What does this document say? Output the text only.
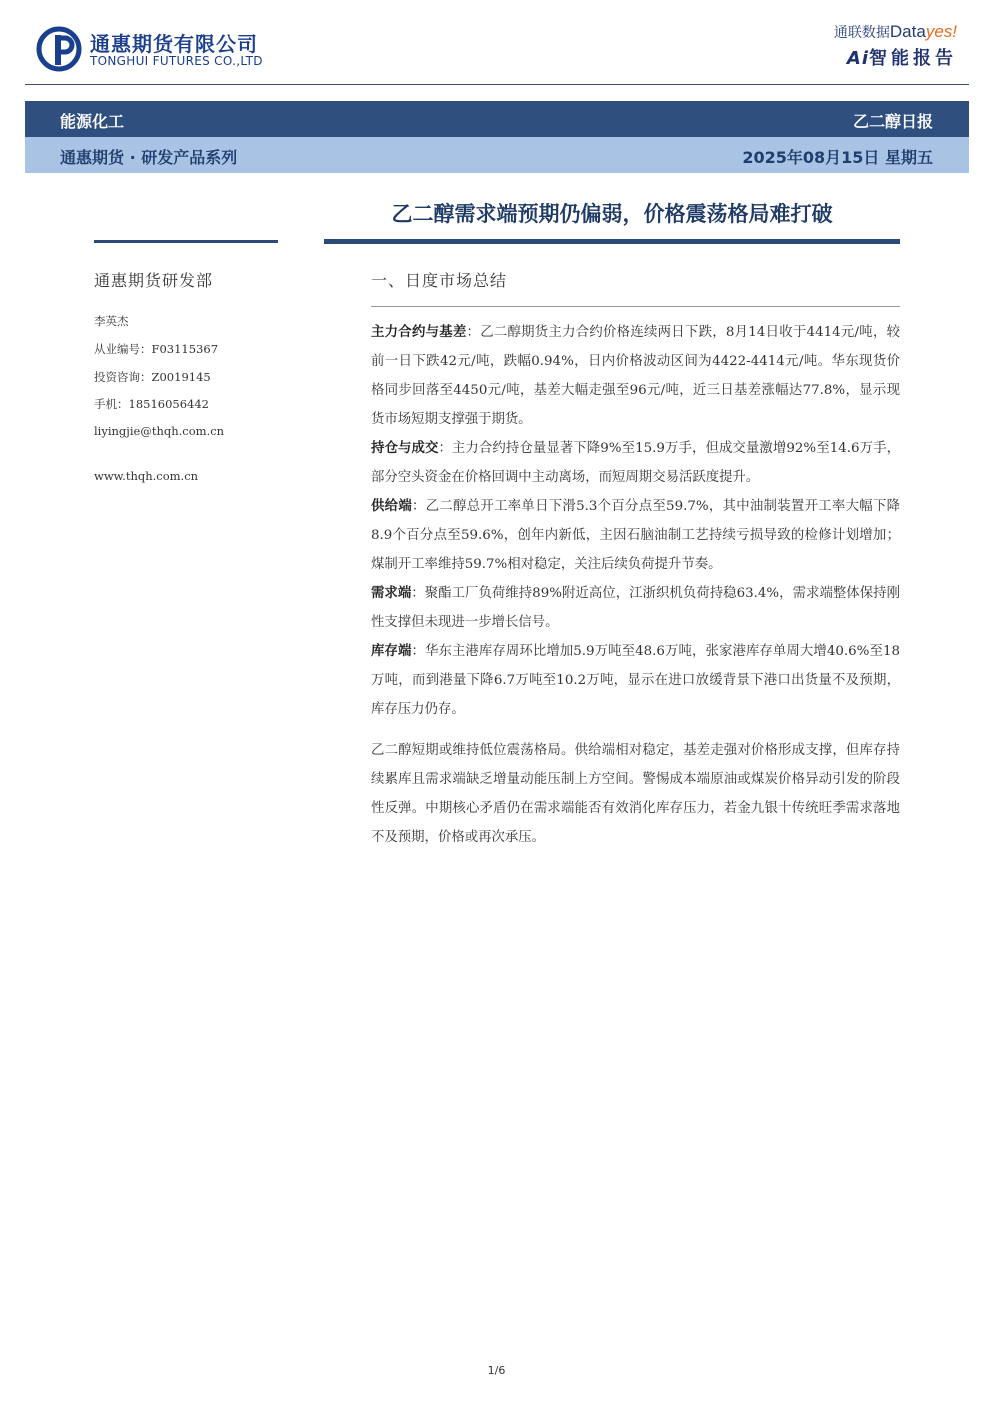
通惠期货有限公司
TONGHUI FUTURES CO.,LTD
通联数据Datayes!
Ai智能报告
能源化工	乙二醇日报
通惠期货 · 研发产品系列	2025年08月15日 星期五
乙二醇需求端预期仍偏弱，价格震荡格局难打破
通惠期货研发部
李英杰
从业编号：F03115367
投资咨询：Z0019145
手机：18516056442
liyingjie@thqh.com.cn
www.thqh.com.cn
一、日度市场总结

主力合约与基差：乙二醇期货主力合约价格连续两日下跌，8月14日收于4414元/吨，较前一日下跌42元/吨，跌幅0.94%，日内价格波动区间为4422-4414元/吨。华东现货价格同步回落至4450元/吨，基差大幅走强至96元/吨，近三日基差涨幅达77.8%，显示现货市场短期支撑强于期货。

持仓与成交：主力合约持仓量显著下降9%至15.9万手，但成交量激增92%至14.6万手，部分空头资金在价格回调中主动离场，而短周期交易活跃度提升。

供给端：乙二醇总开工率单日下滑5.3个百分点至59.7%，其中油制装置开工率大幅下降8.9个百分点至59.6%，创年内新低，主因石脑油制工艺持续亏损导致的检修计划增加；煤制开工率维持59.7%相对稳定，关注后续负荷提升节奏。

需求端：聚酯工厂负荷维持89%附近高位，江浙织机负荷持稳63.4%，需求端整体保持刚性支撑但未现进一步增长信号。

库存端：华东主港库存周环比增加5.9万吨至48.6万吨，张家港库存单周大增40.6%至18万吨，而到港量下降6.7万吨至10.2万吨，显示在进口放缓背景下港口出货量不及预期，库存压力仍存。

乙二醇短期或维持低位震荡格局。供给端相对稳定，基差走强对价格形成支撑，但库存持续累库且需求端缺乏增量动能压制上方空间。警惕成本端原油或煤炭价格异动引发的阶段性反弹。中期核心矛盾仍在需求端能否有效消化库存压力，若金九银十传统旺季需求落地不及预期，价格或再次承压。

1/6
